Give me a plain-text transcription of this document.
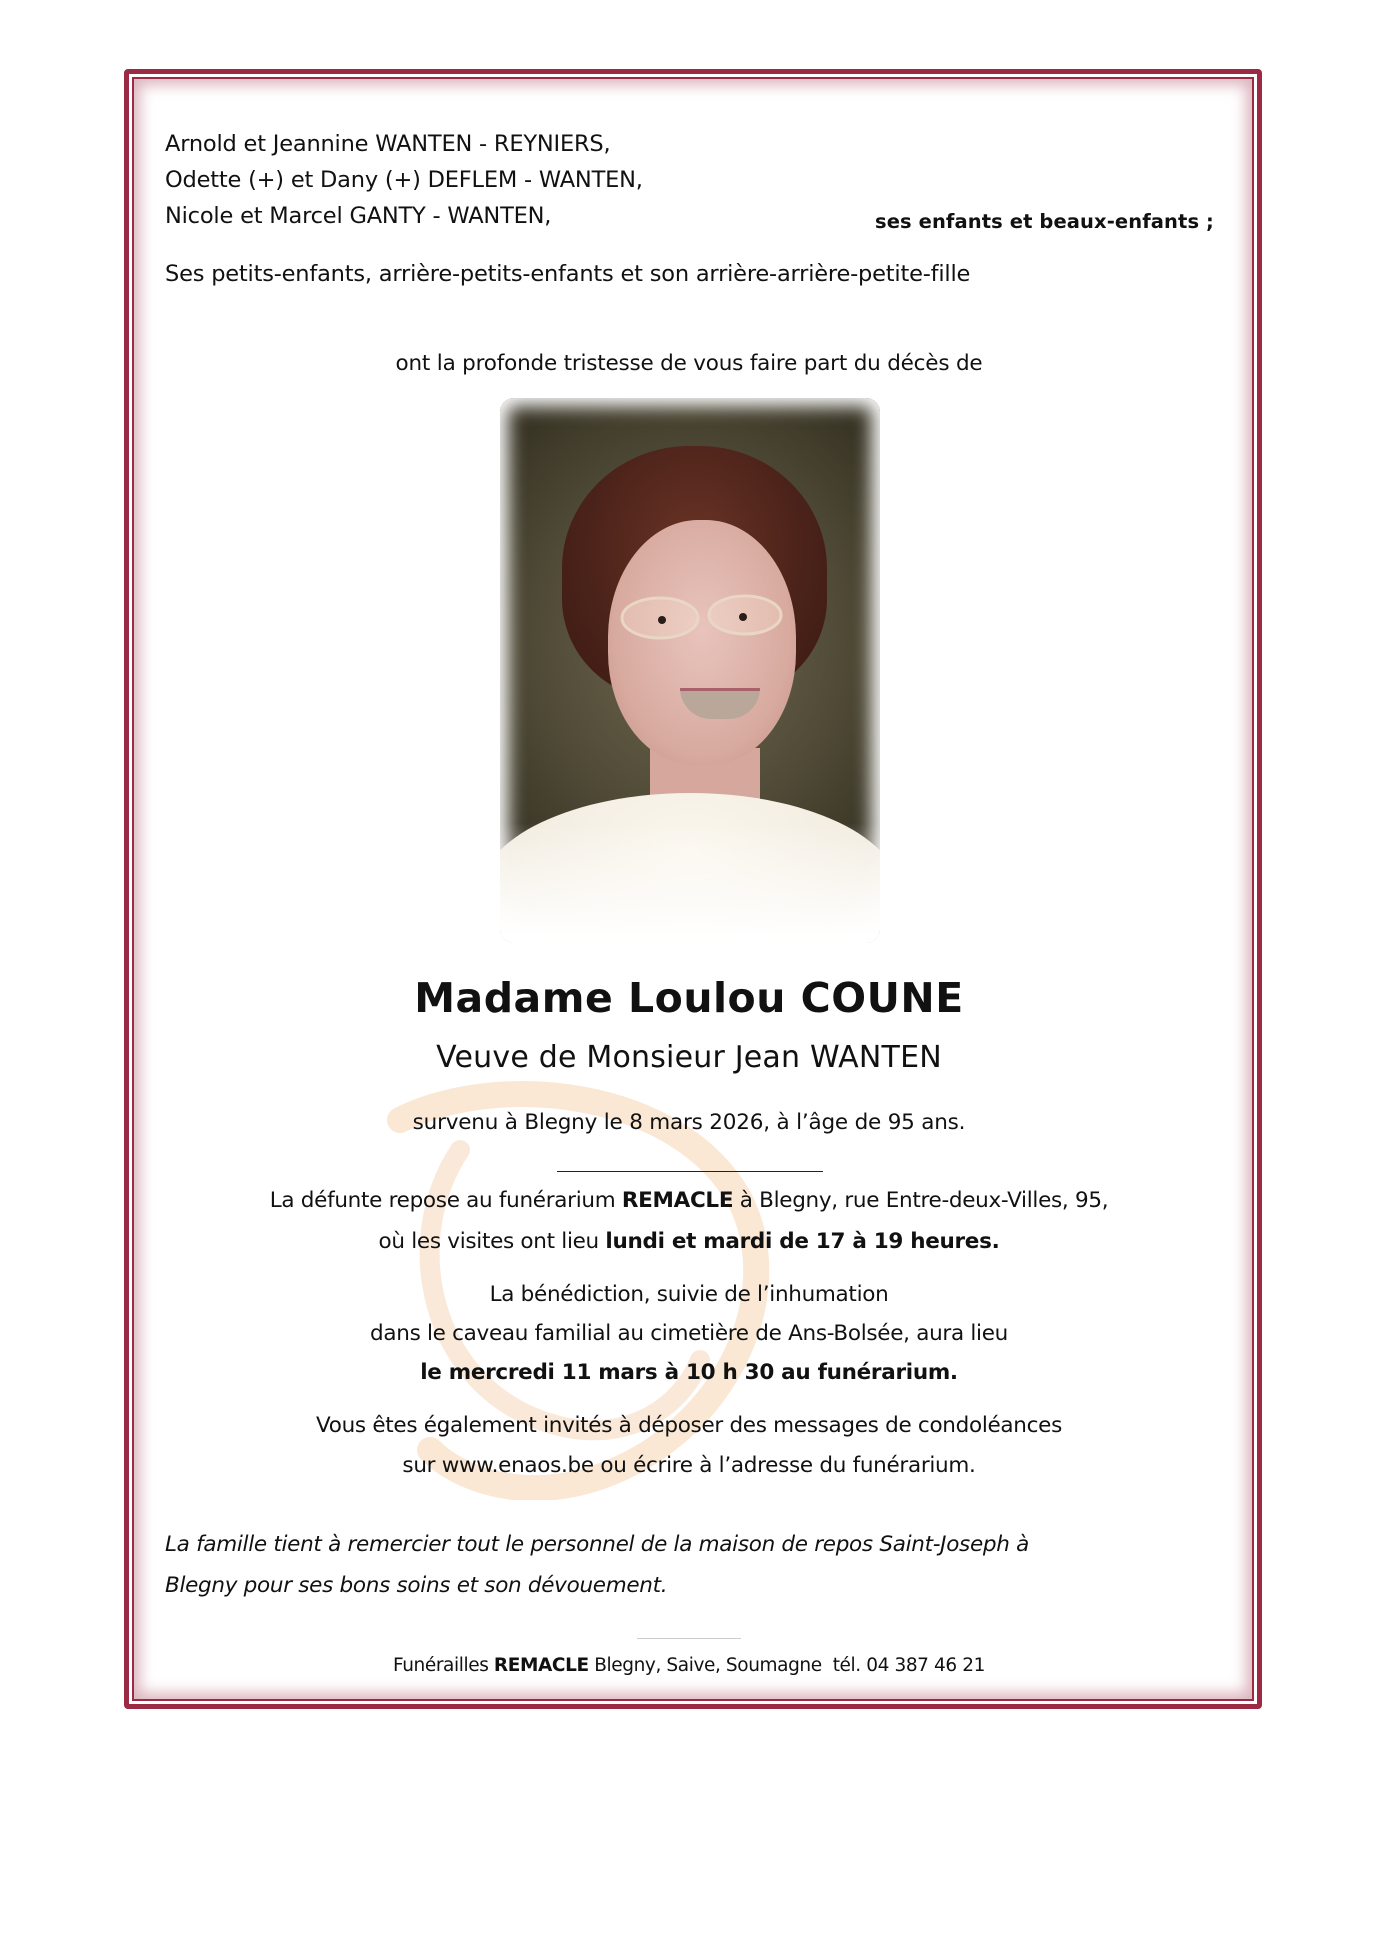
Arnold et Jeannine WANTEN - REYNIERS,
Odette (+) et Dany (+) DEFLEM - WANTEN,
Nicole et Marcel GANTY - WANTEN,	ses enfants et beaux-enfants ;
Ses petits-enfants, arrière-petits-enfants et son arrière-arrière-petite-fille
ont la profonde tristesse de vous faire part du décès de
Madame Loulou COUNE
Veuve de Monsieur Jean WANTEN
survenu à Blegny le 8 mars 2026, à l’âge de 95 ans.
La défunte repose au funérarium REMACLE à Blegny, rue Entre-deux-Villes, 95,
où les visites ont lieu lundi et mardi de 17 à 19 heures.
La bénédiction, suivie de l’inhumation
dans le caveau familial au cimetière de Ans-Bolsée, aura lieu
le mercredi 11 mars à 10 h 30 au funérarium.
Vous êtes également invités à déposer des messages de condoléances
sur www.enaos.be ou écrire à l’adresse du funérarium.
La famille tient à remercier tout le personnel de la maison de repos Saint-Joseph à
Blegny pour ses bons soins et son dévouement.
Funérailles REMACLE Blegny, Saive, Soumagne  tél. 04 387 46 21
